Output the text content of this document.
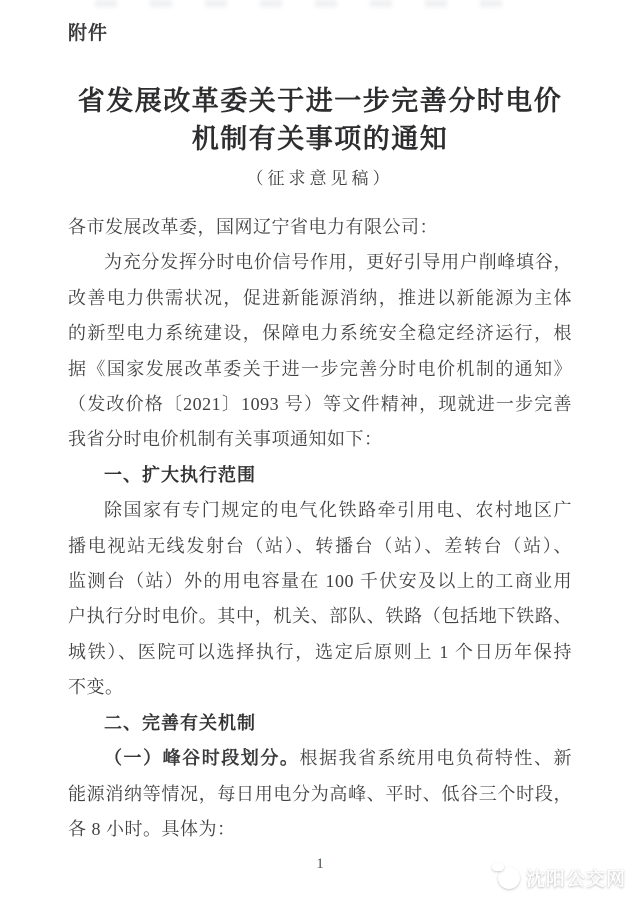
附件
省发展改革委关于进一步完善分时电价
机制有关事项的通知
（征求意见稿）
各市发展改革委，国网辽宁省电力有限公司：
为充分发挥分时电价信号作用，更好引导用户削峰填谷，
改善电力供需状况，促进新能源消纳，推进以新能源为主体
的新型电力系统建设，保障电力系统安全稳定经济运行，根
据《国家发展改革委关于进一步完善分时电价机制的通知》
（发改价格〔2021〕1093 号）等文件精神，现就进一步完善
我省分时电价机制有关事项通知如下：
一、扩大执行范围
除国家有专门规定的电气化铁路牵引用电、农村地区广
播电视站无线发射台（站）、转播台（站）、差转台（站）、
监测台（站）外的用电容量在 100 千伏安及以上的工商业用
户执行分时电价。其中，机关、部队、铁路（包括地下铁路、
城铁）、医院可以选择执行，选定后原则上 1 个日历年保持
不变。
二、完善有关机制
（一）峰谷时段划分。根据我省系统用电负荷特性、新
能源消纳等情况，每日用电分为高峰、平时、低谷三个时段，
各 8 小时。具体为：
1
沈阳公交网
